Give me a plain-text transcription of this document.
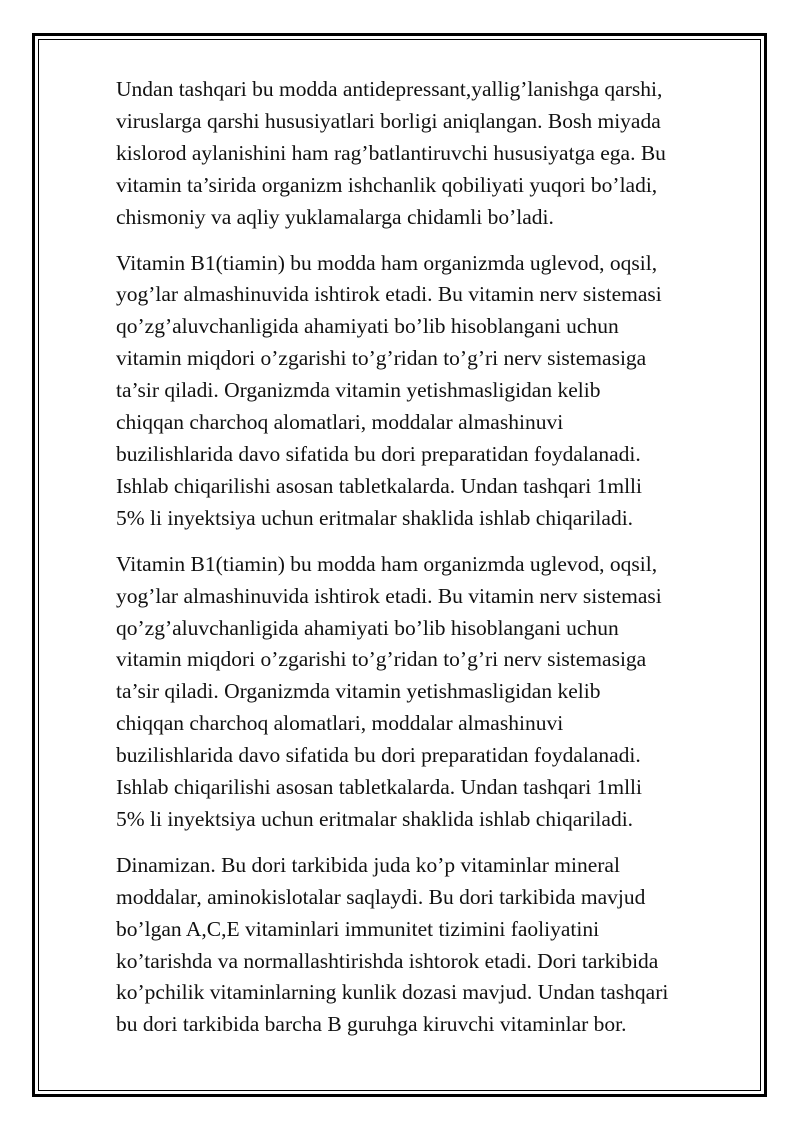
Undan tashqari bu modda antidepressant,yallig’lanishga qarshi,
viruslarga qarshi hususiyatlari borligi aniqlangan. Bosh miyada
kislorod aylanishini ham rag’batlantiruvchi hususiyatga ega. Bu
vitamin ta’sirida organizm ishchanlik qobiliyati yuqori bo’ladi,
chismoniy va aqliy yuklamalarga chidamli bo’ladi.

Vitamin B1(tiamin) bu modda ham organizmda uglevod, oqsil,
yog’lar almashinuvida ishtirok etadi. Bu vitamin nerv sistemasi
qo’zg’aluvchanligida ahamiyati bo’lib hisoblangani uchun
vitamin miqdori o’zgarishi to’g’ridan to’g’ri nerv sistemasiga
ta’sir qiladi. Organizmda vitamin yetishmasligidan kelib
chiqqan charchoq alomatlari, moddalar almashinuvi
buzilishlarida davo sifatida bu dori preparatidan foydalanadi.
Ishlab chiqarilishi asosan tabletkalarda. Undan tashqari 1mlli
5% li inyektsiya uchun eritmalar shaklida ishlab chiqariladi.

Vitamin B1(tiamin) bu modda ham organizmda uglevod, oqsil,
yog’lar almashinuvida ishtirok etadi. Bu vitamin nerv sistemasi
qo’zg’aluvchanligida ahamiyati bo’lib hisoblangani uchun
vitamin miqdori o’zgarishi to’g’ridan to’g’ri nerv sistemasiga
ta’sir qiladi. Organizmda vitamin yetishmasligidan kelib
chiqqan charchoq alomatlari, moddalar almashinuvi
buzilishlarida davo sifatida bu dori preparatidan foydalanadi.
Ishlab chiqarilishi asosan tabletkalarda. Undan tashqari 1mlli
5% li inyektsiya uchun eritmalar shaklida ishlab chiqariladi.

Dinamizan. Bu dori tarkibida juda ko’p vitaminlar mineral
moddalar, aminokislotalar saqlaydi. Bu dori tarkibida mavjud
bo’lgan A,C,E vitaminlari immunitet tizimini faoliyatini
ko’tarishda va normallashtirishda ishtorok etadi. Dori tarkibida
ko’pchilik vitaminlarning kunlik dozasi mavjud. Undan tashqari
bu dori tarkibida barcha B guruhga kiruvchi vitaminlar bor.
